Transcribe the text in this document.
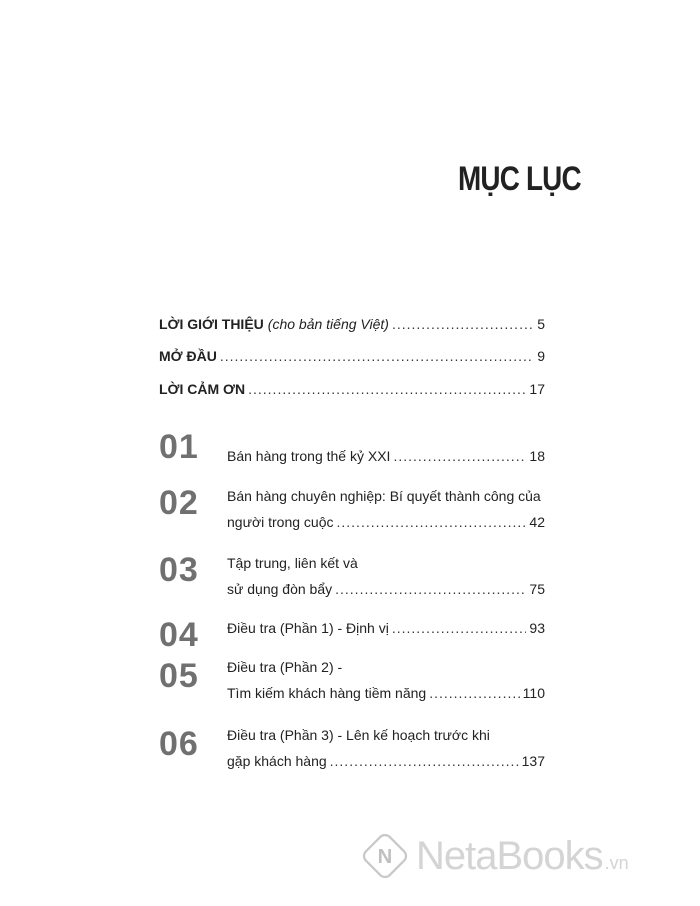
MỤC LỤC
LỜI GIỚI THIỆU (cho bản tiếng Việt) .....	5
MỞ ĐẦU .....	9
LỜI CẢM ƠN .....	17
01 Bán hàng trong thế kỷ XXI .....	18
02 Bán hàng chuyên nghiệp: Bí quyết thành công của
người trong cuộc .....	42
03 Tập trung, liên kết và
sử dụng đòn bẩy .....	75
04 Điều tra (Phần 1) - Định vị .....	93
05 Điều tra (Phần 2) -
Tìm kiếm khách hàng tiềm năng .....	110
06 Điều tra (Phần 3) - Lên kế hoạch trước khi
gặp khách hàng .....	137
N NetaBooks .vn
